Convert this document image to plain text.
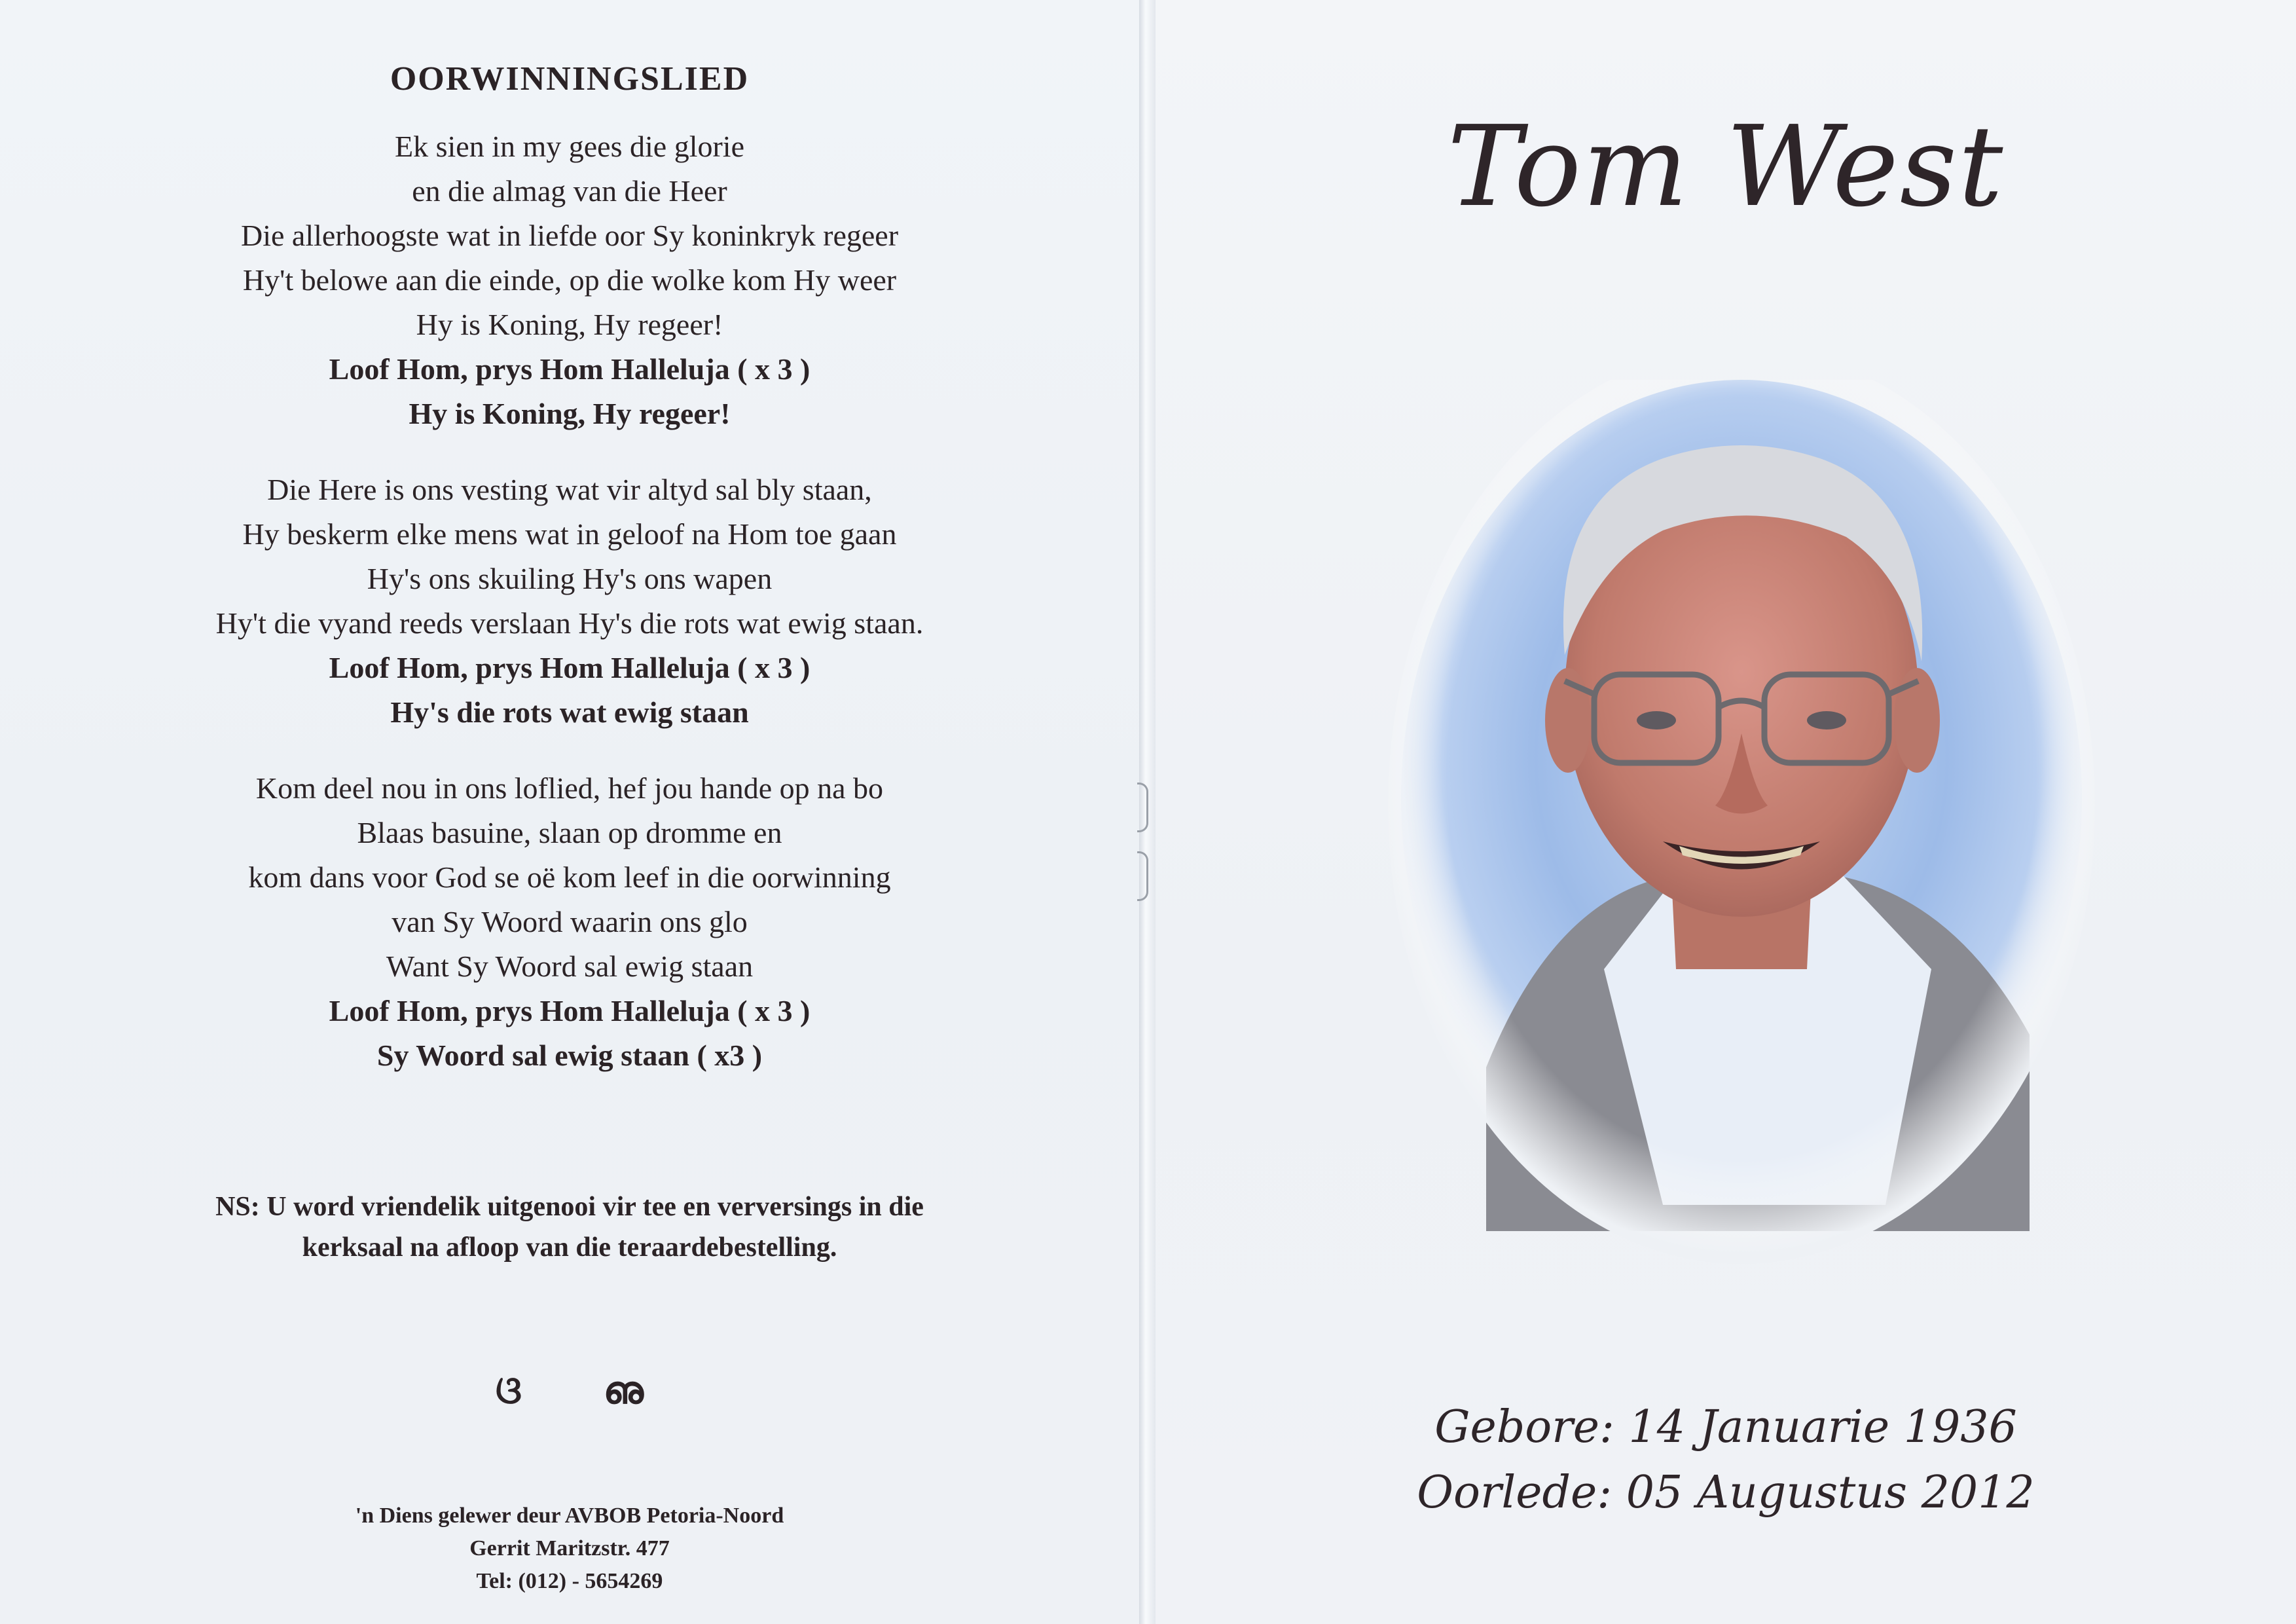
OORWINNINGSLIED
Ek sien in my gees die glorie
en die almag van die Heer
Die allerhoogste wat in liefde oor Sy koninkryk regeer
Hy't belowe aan die einde, op die wolke kom Hy weer
Hy is Koning, Hy regeer!
Loof Hom, prys Hom Halleluja ( x 3 )
Hy is Koning, Hy regeer!
Die Here is ons vesting wat vir altyd sal bly staan,
Hy beskerm elke mens wat in geloof na Hom toe gaan
Hy's ons skuiling Hy's ons wapen
Hy't die vyand reeds verslaan Hy's die rots wat ewig staan.
Loof Hom, prys Hom Halleluja ( x 3 )
Hy's die rots wat ewig staan
Kom deel nou in ons loflied, hef jou hande op na bo
Blaas basuine, slaan op dromme en
kom dans voor God se oë kom leef in die oorwinning
van Sy Woord waarin ons glo
Want Sy Woord sal ewig staan
Loof Hom, prys Hom Halleluja ( x 3 )
Sy Woord sal ewig staan ( x3 )
NS: U word vriendelik uitgenooi vir tee en verversings in die
kerksaal na afloop van die teraardebestelling.
ଓ ഌ
'n Diens gelewer deur AVBOB Petoria-Noord
Gerrit Maritzstr. 477
Tel: (012) - 5654269
Tom West
Gebore: 14 Januarie 1936
Oorlede: 05 Augustus 2012
